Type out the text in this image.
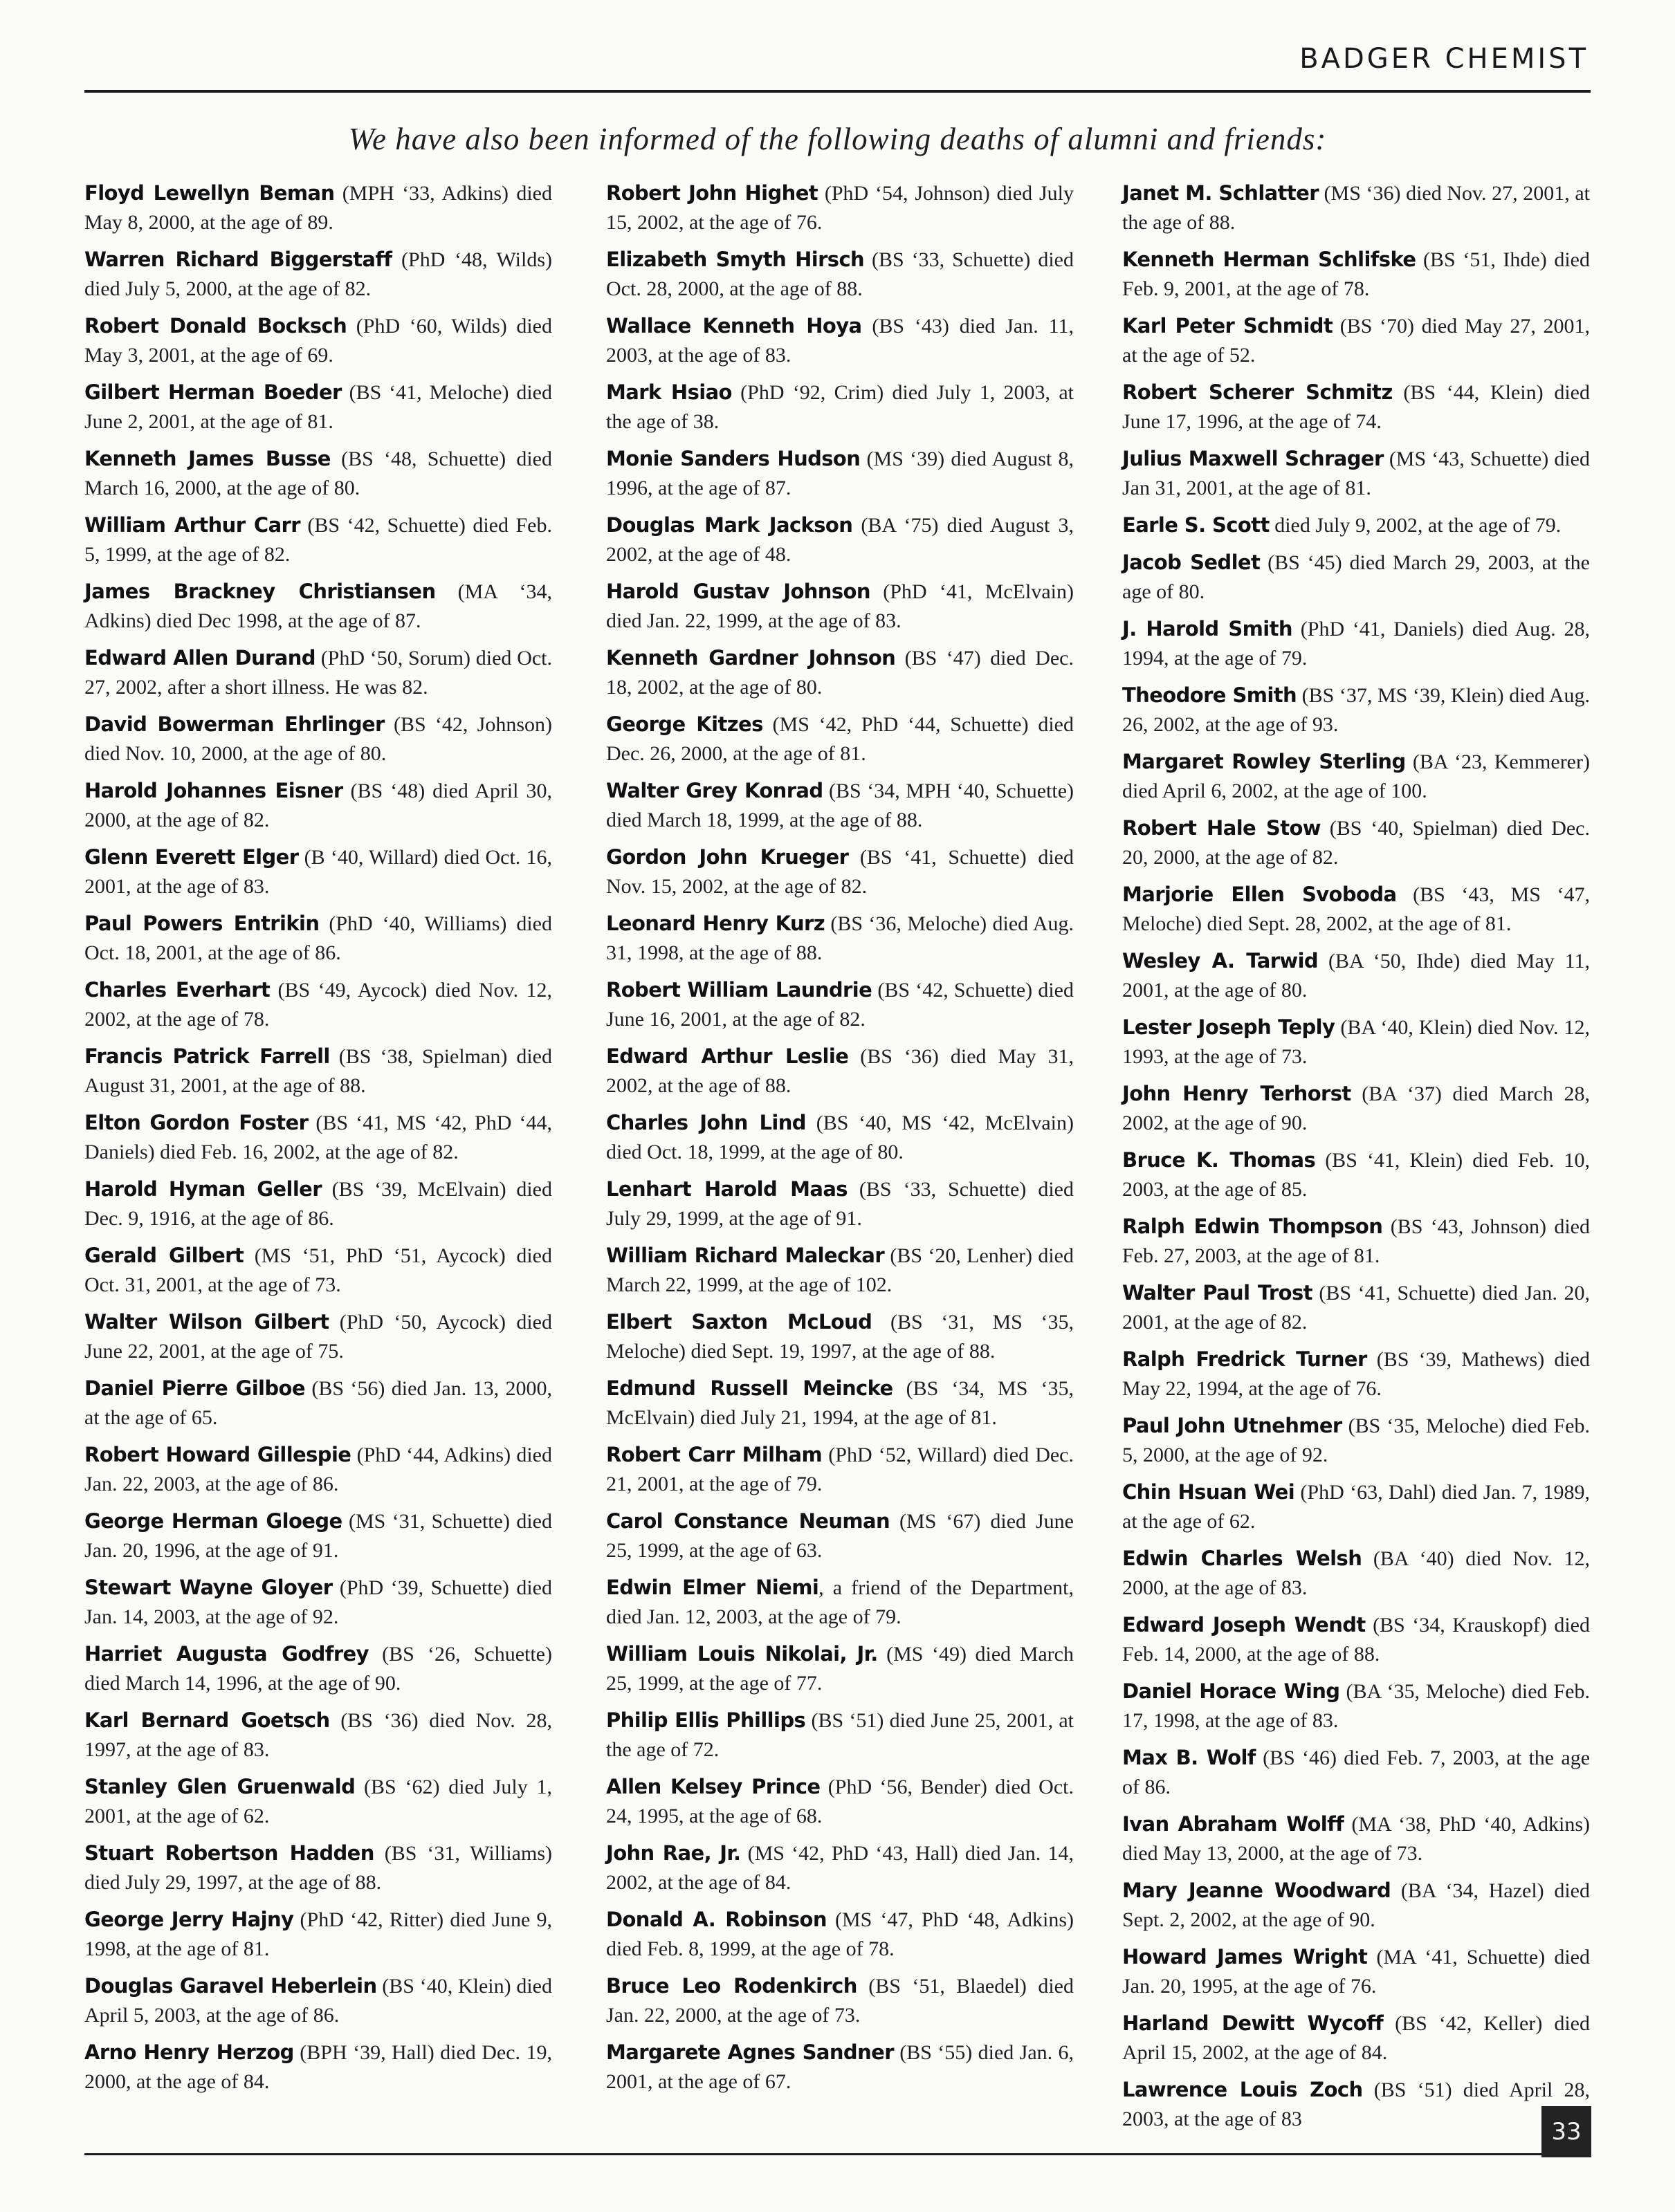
BADGER CHEMIST
We have also been informed of the following deaths of alumni and friends:
Floyd Lewellyn Beman (MPH ‘33, Adkins) died May 8, 2000, at the age of 89.
Warren Richard Biggerstaff (PhD ‘48, Wilds) died July 5, 2000, at the age of 82.
Robert Donald Bocksch (PhD ‘60, Wilds) died May 3, 2001, at the age of 69.
Gilbert Herman Boeder (BS ‘41, Meloche) died June 2, 2001, at the age of 81.
Kenneth James Busse (BS ‘48, Schuette) died March 16, 2000, at the age of 80.
William Arthur Carr (BS ‘42, Schuette) died Feb. 5, 1999, at the age of 82.
James Brackney Christiansen (MA ‘34, Adkins) died Dec 1998, at the age of 87.
Edward Allen Durand (PhD ‘50, Sorum) died Oct. 27, 2002, after a short illness. He was 82.
David Bowerman Ehrlinger (BS ‘42, Johnson) died Nov. 10, 2000, at the age of 80.
Harold Johannes Eisner (BS ‘48) died April 30, 2000, at the age of 82.
Glenn Everett Elger (B ‘40, Willard) died Oct. 16, 2001, at the age of 83.
Paul Powers Entrikin (PhD ‘40, Williams) died Oct. 18, 2001, at the age of 86.
Charles Everhart (BS ‘49, Aycock) died Nov. 12, 2002, at the age of 78.
Francis Patrick Farrell (BS ‘38, Spielman) died August 31, 2001, at the age of 88.
Elton Gordon Foster (BS ‘41, MS ‘42, PhD ‘44, Daniels) died Feb. 16, 2002, at the age of 82.
Harold Hyman Geller (BS ‘39, McElvain) died Dec. 9, 1916, at the age of 86.
Gerald Gilbert (MS ‘51, PhD ‘51, Aycock) died Oct. 31, 2001, at the age of 73.
Walter Wilson Gilbert (PhD ‘50, Aycock) died June 22, 2001, at the age of 75.
Daniel Pierre Gilboe (BS ‘56) died Jan. 13, 2000, at the age of 65.
Robert Howard Gillespie (PhD ‘44, Adkins) died Jan. 22, 2003, at the age of 86.
George Herman Gloege (MS ‘31, Schuette) died Jan. 20, 1996, at the age of 91.
Stewart Wayne Gloyer (PhD ‘39, Schuette) died Jan. 14, 2003, at the age of 92.
Harriet Augusta Godfrey (BS ‘26, Schuette) died March 14, 1996, at the age of 90.
Karl Bernard Goetsch (BS ‘36) died Nov. 28, 1997, at the age of 83.
Stanley Glen Gruenwald (BS ‘62) died July 1, 2001, at the age of 62.
Stuart Robertson Hadden (BS ‘31, Williams) died July 29, 1997, at the age of 88.
George Jerry Hajny (PhD ‘42, Ritter) died June 9, 1998, at the age of 81.
Douglas Garavel Heberlein (BS ‘40, Klein) died April 5, 2003, at the age of 86.
Arno Henry Herzog (BPH ‘39, Hall) died Dec. 19, 2000, at the age of 84.
Robert John Highet (PhD ‘54, Johnson) died July 15, 2002, at the age of 76.
Elizabeth Smyth Hirsch (BS ‘33, Schuette) died Oct. 28, 2000, at the age of 88.
Wallace Kenneth Hoya (BS ‘43) died Jan. 11, 2003, at the age of 83.
Mark Hsiao (PhD ‘92, Crim) died July 1, 2003, at the age of 38.
Monie Sanders Hudson (MS ‘39) died August 8, 1996, at the age of 87.
Douglas Mark Jackson (BA ‘75) died August 3, 2002, at the age of 48.
Harold Gustav Johnson (PhD ‘41, McElvain) died Jan. 22, 1999, at the age of 83.
Kenneth Gardner Johnson (BS ‘47) died Dec. 18, 2002, at the age of 80.
George Kitzes (MS ‘42, PhD ‘44, Schuette) died Dec. 26, 2000, at the age of 81.
Walter Grey Konrad (BS ‘34, MPH ‘40, Schuette) died March 18, 1999, at the age of 88.
Gordon John Krueger (BS ‘41, Schuette) died Nov. 15, 2002, at the age of 82.
Leonard Henry Kurz (BS ‘36, Meloche) died Aug. 31, 1998, at the age of 88.
Robert William Laundrie (BS ‘42, Schuette) died June 16, 2001, at the age of 82.
Edward Arthur Leslie (BS ‘36) died May 31, 2002, at the age of 88.
Charles John Lind (BS ‘40, MS ‘42, McElvain) died Oct. 18, 1999, at the age of 80.
Lenhart Harold Maas (BS ‘33, Schuette) died July 29, 1999, at the age of 91.
William Richard Maleckar (BS ‘20, Lenher) died March 22, 1999, at the age of 102.
Elbert Saxton McLoud (BS ‘31, MS ‘35, Meloche) died Sept. 19, 1997, at the age of 88.
Edmund Russell Meincke (BS ‘34, MS ‘35, McElvain) died July 21, 1994, at the age of 81.
Robert Carr Milham (PhD ‘52, Willard) died Dec. 21, 2001, at the age of 79.
Carol Constance Neuman (MS ‘67) died June 25, 1999, at the age of 63.
Edwin Elmer Niemi, a friend of the Department, died Jan. 12, 2003, at the age of 79.
William Louis Nikolai, Jr. (MS ‘49) died March 25, 1999, at the age of 77.
Philip Ellis Phillips (BS ‘51) died June 25, 2001, at the age of 72.
Allen Kelsey Prince (PhD ‘56, Bender) died Oct. 24, 1995, at the age of 68.
John Rae, Jr. (MS ‘42, PhD ‘43, Hall) died Jan. 14, 2002, at the age of 84.
Donald A. Robinson (MS ‘47, PhD ‘48, Adkins) died Feb. 8, 1999, at the age of 78.
Bruce Leo Rodenkirch (BS ‘51, Blaedel) died Jan. 22, 2000, at the age of 73.
Margarete Agnes Sandner (BS ‘55) died Jan. 6, 2001, at the age of 67.
Janet M. Schlatter (MS ‘36) died Nov. 27, 2001, at the age of 88.
Kenneth Herman Schlifske (BS ‘51, Ihde) died Feb. 9, 2001, at the age of 78.
Karl Peter Schmidt (BS ‘70) died May 27, 2001, at the age of 52.
Robert Scherer Schmitz (BS ‘44, Klein) died June 17, 1996, at the age of 74.
Julius Maxwell Schrager (MS ‘43, Schuette) died Jan 31, 2001, at the age of 81.
Earle S. Scott died July 9, 2002, at the age of 79.
Jacob Sedlet (BS ‘45) died March 29, 2003, at the age of 80.
J. Harold Smith (PhD ‘41, Daniels) died Aug. 28, 1994, at the age of 79.
Theodore Smith (BS ‘37, MS ‘39, Klein) died Aug. 26, 2002, at the age of 93.
Margaret Rowley Sterling (BA ‘23, Kemmerer) died April 6, 2002, at the age of 100.
Robert Hale Stow (BS ‘40, Spielman) died Dec. 20, 2000, at the age of 82.
Marjorie Ellen Svoboda (BS ‘43, MS ‘47, Meloche) died Sept. 28, 2002, at the age of 81.
Wesley A. Tarwid (BA ‘50, Ihde) died May 11, 2001, at the age of 80.
Lester Joseph Teply (BA ‘40, Klein) died Nov. 12, 1993, at the age of 73.
John Henry Terhorst (BA ‘37) died March 28, 2002, at the age of 90.
Bruce K. Thomas (BS ‘41, Klein) died Feb. 10, 2003, at the age of 85.
Ralph Edwin Thompson (BS ‘43, Johnson) died Feb. 27, 2003, at the age of 81.
Walter Paul Trost (BS ‘41, Schuette) died Jan. 20, 2001, at the age of 82.
Ralph Fredrick Turner (BS ‘39, Mathews) died May 22, 1994, at the age of 76.
Paul John Utnehmer (BS ‘35, Meloche) died Feb. 5, 2000, at the age of 92.
Chin Hsuan Wei (PhD ‘63, Dahl) died Jan. 7, 1989, at the age of 62.
Edwin Charles Welsh (BA ‘40) died Nov. 12, 2000, at the age of 83.
Edward Joseph Wendt (BS ‘34, Krauskopf) died Feb. 14, 2000, at the age of 88.
Daniel Horace Wing (BA ‘35, Meloche) died Feb. 17, 1998, at the age of 83.
Max B. Wolf (BS ‘46) died Feb. 7, 2003, at the age of 86.
Ivan Abraham Wolff (MA ‘38, PhD ‘40, Adkins) died May 13, 2000, at the age of 73.
Mary Jeanne Woodward (BA ‘34, Hazel) died Sept. 2, 2002, at the age of 90.
Howard James Wright (MA ‘41, Schuette) died Jan. 20, 1995, at the age of 76.
Harland Dewitt Wycoff (BS ‘42, Keller) died April 15, 2002, at the age of 84.
Lawrence Louis Zoch (BS ‘51) died April 28, 2003, at the age of 83	33
